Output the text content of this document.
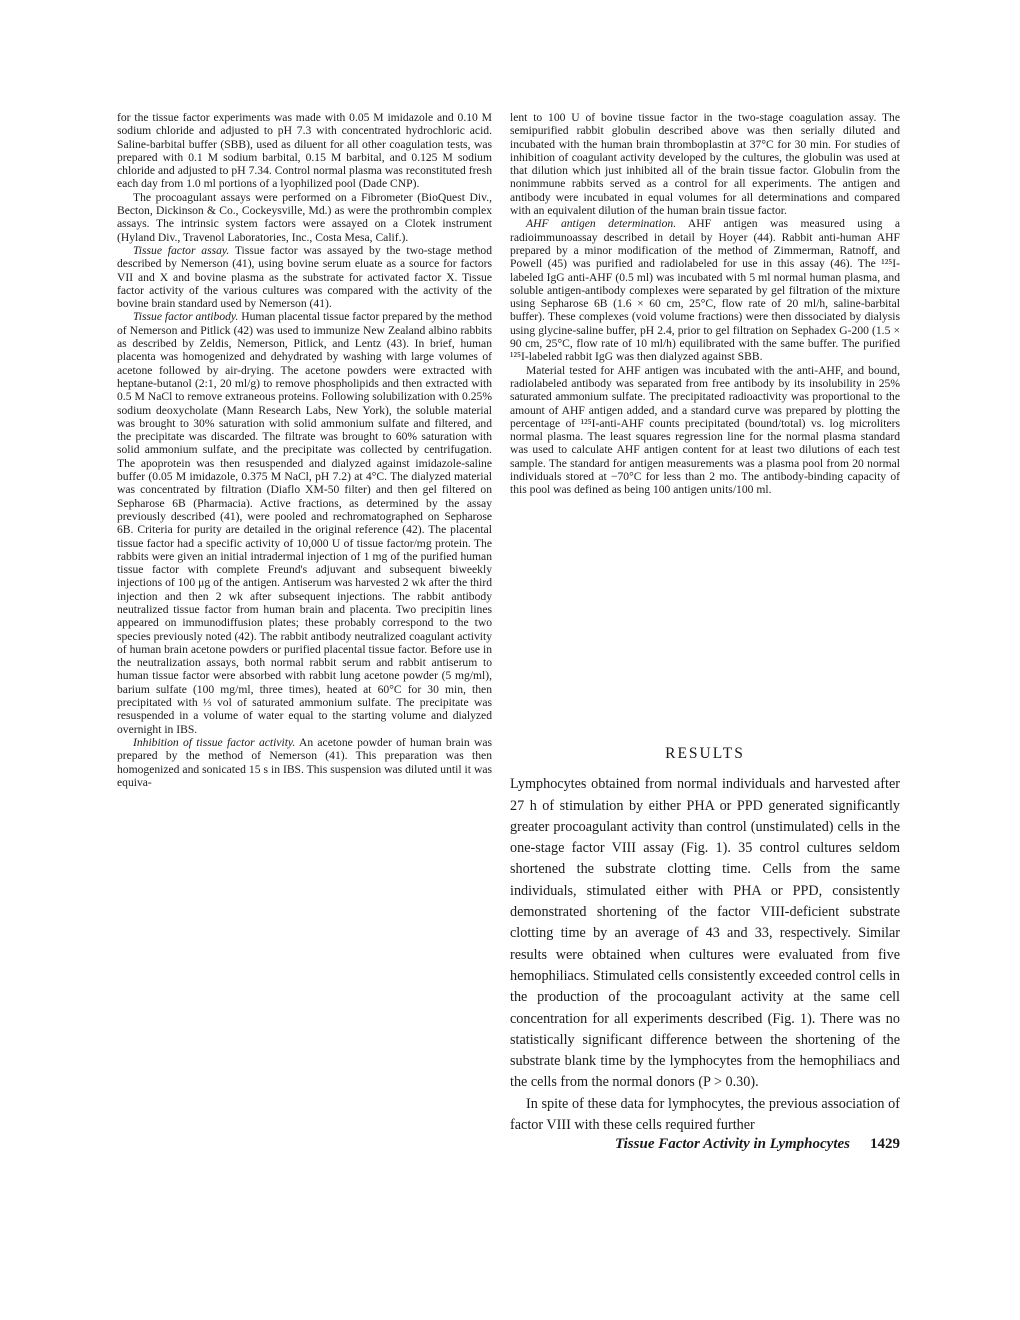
for the tissue factor experiments was made with 0.05 M imidazole and 0.10 M sodium chloride and adjusted to pH 7.3 with concentrated hydrochloric acid. Saline-barbital buffer (SBB), used as diluent for all other coagulation tests, was prepared with 0.1 M sodium barbital, 0.15 M barbital, and 0.125 M sodium chloride and adjusted to pH 7.34. Control normal plasma was reconstituted fresh each day from 1.0 ml portions of a lyophilized pool (Dade CNP).

The procoagulant assays were performed on a Fibrometer (BioQuest Div., Becton, Dickinson & Co., Cockeysville, Md.) as were the prothrombin complex assays. The intrinsic system factors were assayed on a Clotek instrument (Hyland Div., Travenol Laboratories, Inc., Costa Mesa, Calif.).

Tissue factor assay. Tissue factor was assayed by the two-stage method described by Nemerson (41), using bovine serum eluate as a source for factors VII and X and bovine plasma as the substrate for activated factor X. Tissue factor activity of the various cultures was compared with the activity of the bovine brain standard used by Nemerson (41).

Tissue factor antibody. Human placental tissue factor prepared by the method of Nemerson and Pitlick (42) was used to immunize New Zealand albino rabbits as described by Zeldis, Nemerson, Pitlick, and Lentz (43). In brief, human placenta was homogenized and dehydrated by washing with large volumes of acetone followed by air-drying. The acetone powders were extracted with heptane-butanol (2:1, 20 ml/g) to remove phospholipids and then extracted with 0.5 M NaCl to remove extraneous proteins. Following solubilization with 0.25% sodium deoxycholate (Mann Research Labs, New York), the soluble material was brought to 30% saturation with solid ammonium sulfate and filtered, and the precipitate was discarded. The filtrate was brought to 60% saturation with solid ammonium sulfate, and the precipitate was collected by centrifugation. The apoprotein was then resuspended and dialyzed against imidazole-saline buffer (0.05 M imidazole, 0.375 M NaCl, pH 7.2) at 4°C. The dialyzed material was concentrated by filtration (Diaflo XM-50 filter) and then gel filtered on Sepharose 6B (Pharmacia). Active fractions, as determined by the assay previously described (41), were pooled and rechromatographed on Sepharose 6B. Criteria for purity are detailed in the original reference (42). The placental tissue factor had a specific activity of 10,000 U of tissue factor/mg protein. The rabbits were given an initial intradermal injection of 1 mg of the purified human tissue factor with complete Freund's adjuvant and subsequent biweekly injections of 100 μg of the antigen. Antiserum was harvested 2 wk after the third injection and then 2 wk after subsequent injections. The rabbit antibody neutralized tissue factor from human brain and placenta. Two precipitin lines appeared on immunodiffusion plates; these probably correspond to the two species previously noted (42). The rabbit antibody neutralized coagulant activity of human brain acetone powders or purified placental tissue factor. Before use in the neutralization assays, both normal rabbit serum and rabbit antiserum to human tissue factor were absorbed with rabbit lung acetone powder (5 mg/ml), barium sulfate (100 mg/ml, three times), heated at 60°C for 30 min, then precipitated with ⅓ vol of saturated ammonium sulfate. The precipitate was resuspended in a volume of water equal to the starting volume and dialyzed overnight in IBS.

Inhibition of tissue factor activity. An acetone powder of human brain was prepared by the method of Nemerson (41). This preparation was then homogenized and sonicated 15 s in IBS. This suspension was diluted until it was equiva-

lent to 100 U of bovine tissue factor in the two-stage coagulation assay. The semipurified rabbit globulin described above was then serially diluted and incubated with the human brain thromboplastin at 37°C for 30 min. For studies of inhibition of coagulant activity developed by the cultures, the globulin was used at that dilution which just inhibited all of the brain tissue factor. Globulin from the nonimmune rabbits served as a control for all experiments. The antigen and antibody were incubated in equal volumes for all determinations and compared with an equivalent dilution of the human brain tissue factor.

AHF antigen determination. AHF antigen was measured using a radioimmunoassay described in detail by Hoyer (44). Rabbit anti-human AHF prepared by a minor modification of the method of Zimmerman, Ratnoff, and Powell (45) was purified and radiolabeled for use in this assay (46). The ¹²⁵I-labeled IgG anti-AHF (0.5 ml) was incubated with 5 ml normal human plasma, and soluble antigen-antibody complexes were separated by gel filtration of the mixture using Sepharose 6B (1.6 × 60 cm, 25°C, flow rate of 20 ml/h, saline-barbital buffer). These complexes (void volume fractions) were then dissociated by dialysis using glycine-saline buffer, pH 2.4, prior to gel filtration on Sephadex G-200 (1.5 × 90 cm, 25°C, flow rate of 10 ml/h) equilibrated with the same buffer. The purified ¹²⁵I-labeled rabbit IgG was then dialyzed against SBB.

Material tested for AHF antigen was incubated with the anti-AHF, and bound, radiolabeled antibody was separated from free antibody by its insolubility in 25% saturated ammonium sulfate. The precipitated radioactivity was proportional to the amount of AHF antigen added, and a standard curve was prepared by plotting the percentage of ¹²⁵I-anti-AHF counts precipitated (bound/total) vs. log microliters normal plasma. The least squares regression line for the normal plasma standard was used to calculate AHF antigen content for at least two dilutions of each test sample. The standard for antigen measurements was a plasma pool from 20 normal individuals stored at −70°C for less than 2 mo. The antibody-binding capacity of this pool was defined as being 100 antigen units/100 ml.

RESULTS

Lymphocytes obtained from normal individuals and harvested after 27 h of stimulation by either PHA or PPD generated significantly greater procoagulant activity than control (unstimulated) cells in the one-stage factor VIII assay (Fig. 1). 35 control cultures seldom shortened the substrate clotting time. Cells from the same individuals, stimulated either with PHA or PPD, consistently demonstrated shortening of the factor VIII-deficient substrate clotting time by an average of 43 and 33, respectively. Similar results were obtained when cultures were evaluated from five hemophiliacs. Stimulated cells consistently exceeded control cells in the production of the procoagulant activity at the same cell concentration for all experiments described (Fig. 1). There was no statistically significant difference between the shortening of the substrate blank time by the lymphocytes from the hemophiliacs and the cells from the normal donors (P > 0.30).

In spite of these data for lymphocytes, the previous association of factor VIII with these cells required further

Tissue Factor Activity in Lymphocytes 1429
